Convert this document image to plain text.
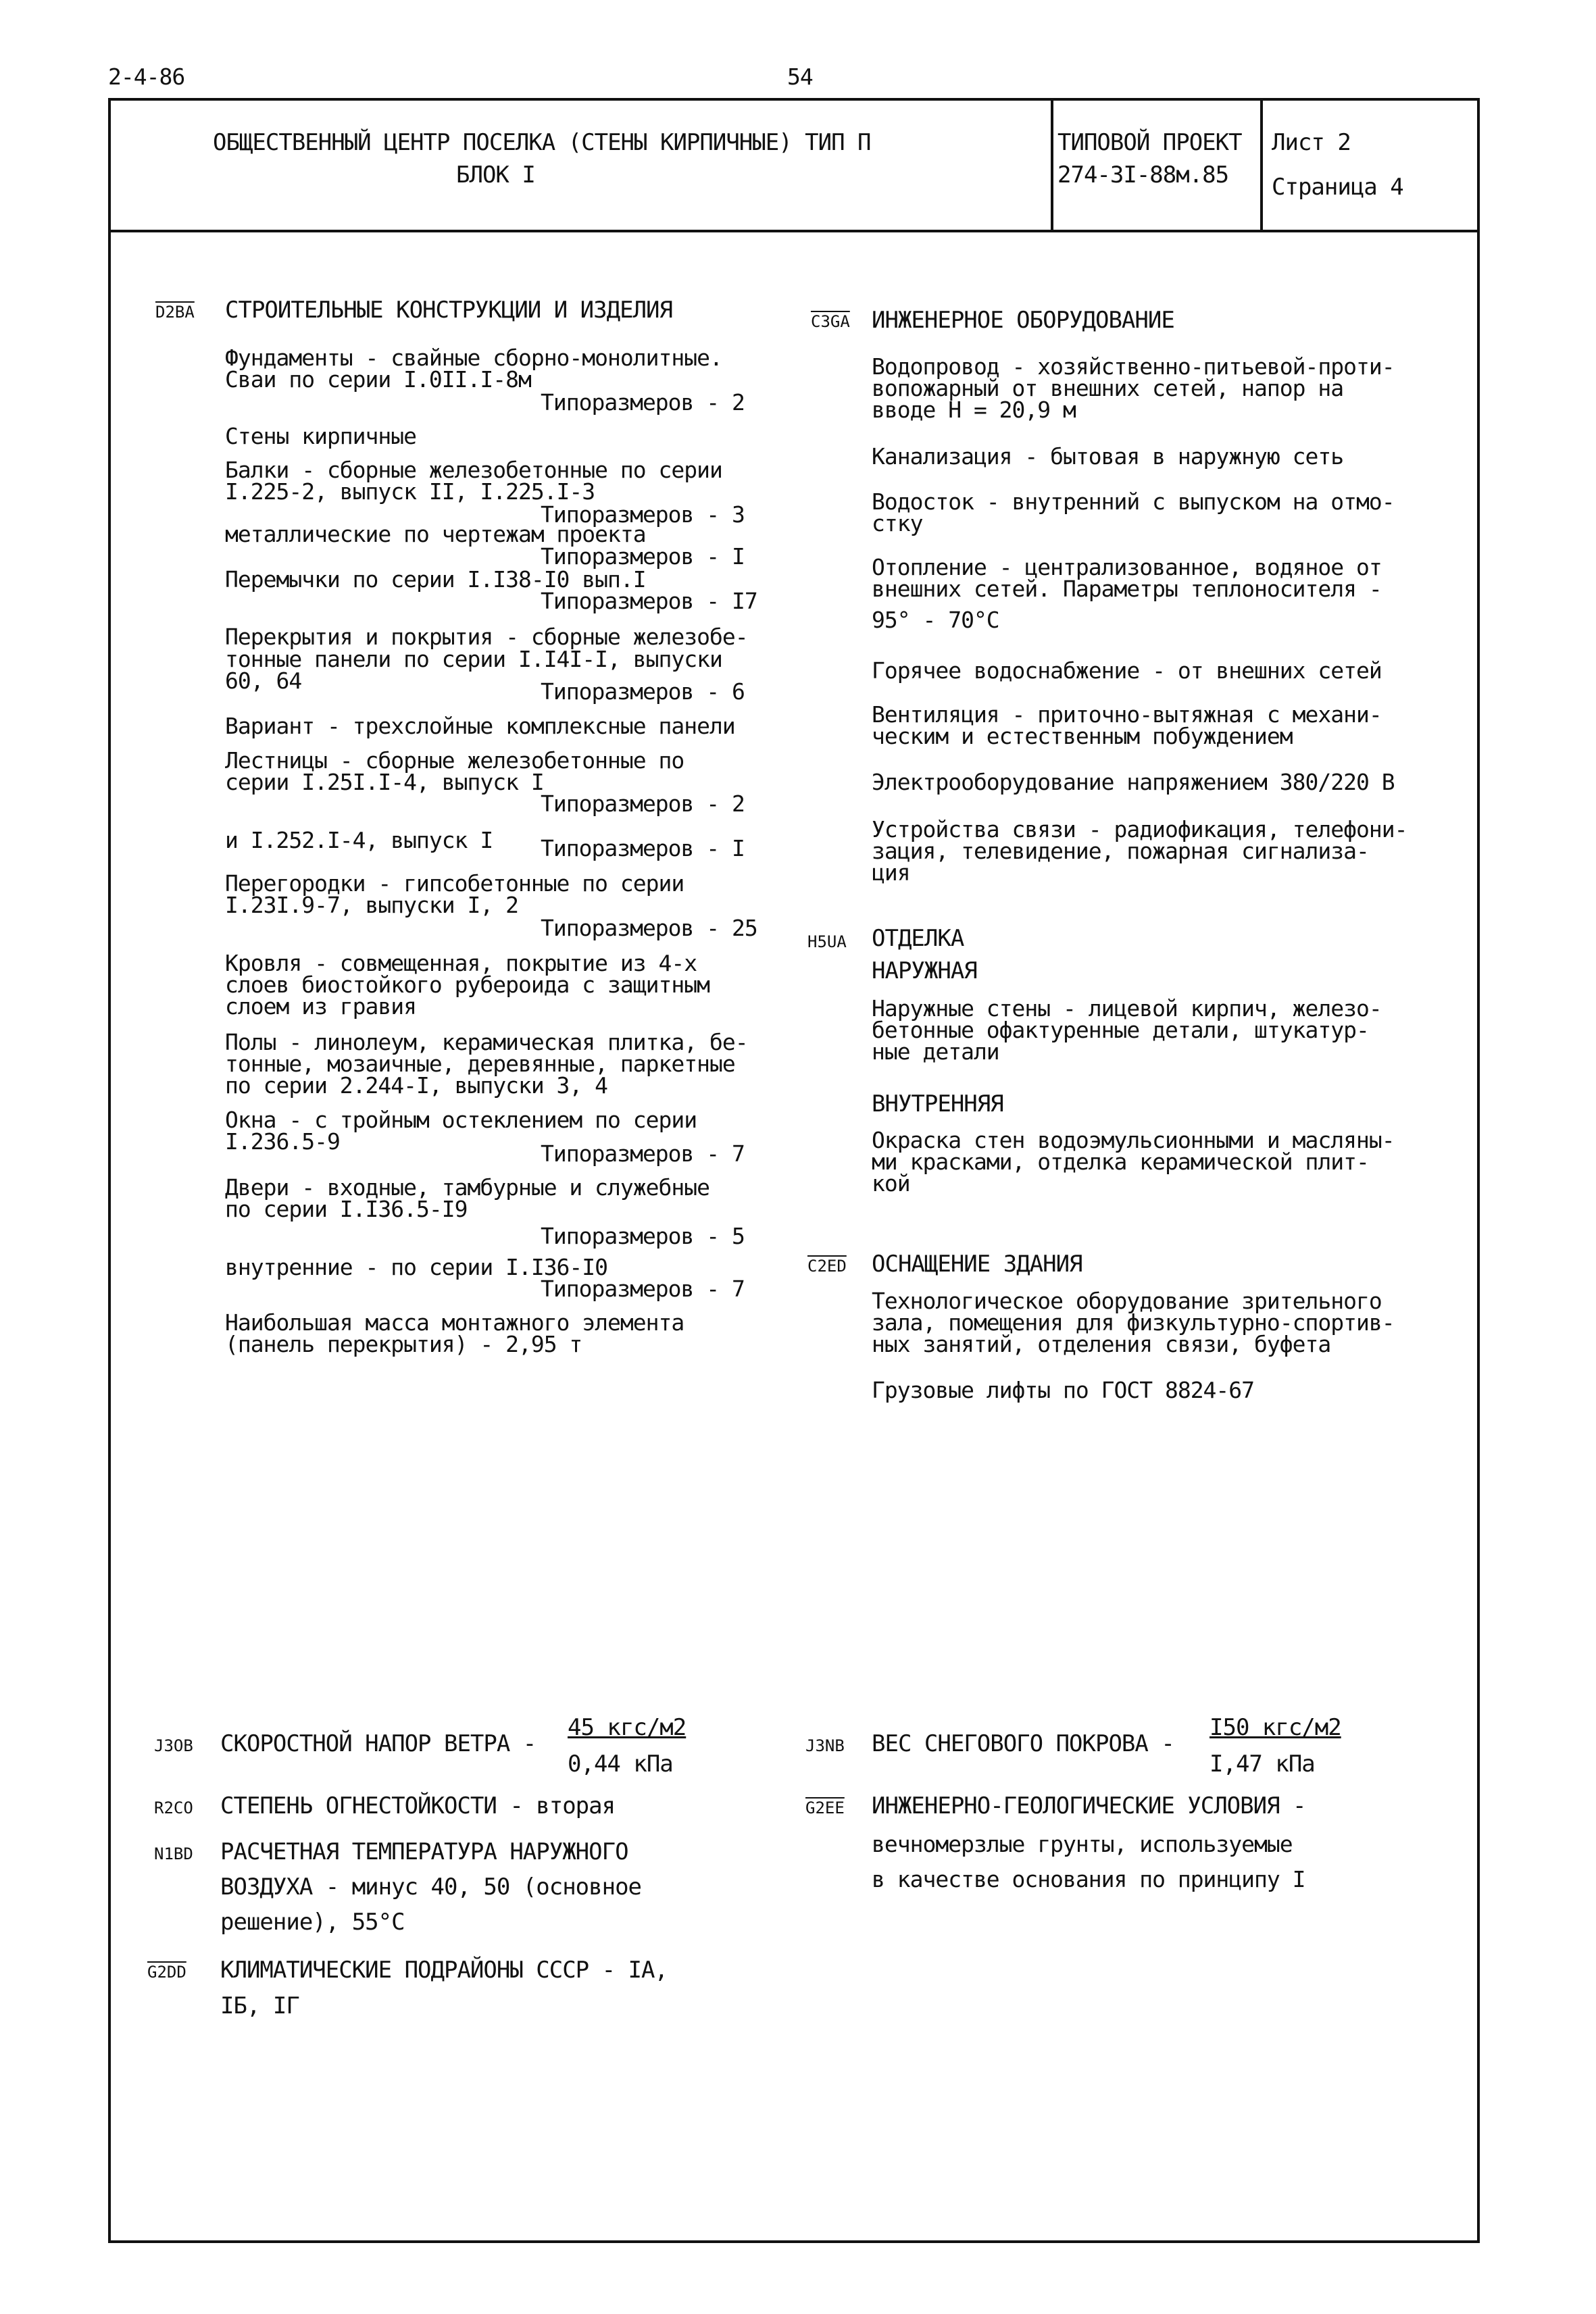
2-4-86	54
ОБЩЕСТВЕННЫЙ ЦЕНТР ПОСЕЛКА (СТЕНЫ КИРПИЧНЫЕ) ТИП П
БЛОК I
ТИПОВОЙ ПРОЕКТ
274-3I-88м.85
Лист 2
Страница 4
D2BA СТРОИТЕЛЬНЫЕ КОНСТРУКЦИИ И ИЗДЕЛИЯ
Фундаменты - свайные сборно-монолитные.
Сваи по серии I.0II.I-8м
Типоразмеров - 2
Стены кирпичные
Балки - сборные железобетонные по серии
I.225-2, выпуск II, I.225.I-3
Типоразмеров - 3
металлические по чертежам проекта
Типоразмеров - I
Перемычки по серии I.I38-I0 вып.I
Типоразмеров - I7
Перекрытия и покрытия - сборные железобе-
тонные панели по серии I.I4I-I, выпуски
60, 64	Типоразмеров - 6
Вариант - трехслойные комплексные панели
Лестницы - сборные железобетонные по
серии I.25I.I-4, выпуск I
Типоразмеров - 2
и I.252.I-4, выпуск I Типоразмеров - I
Перегородки - гипсобетонные по серии
I.23I.9-7, выпуски I, 2
Типоразмеров - 25
Кровля - совмещенная, покрытие из 4-х
слоев биостойкого рубероида с защитным
слоем из гравия
Полы - линолеум, керамическая плитка, бе-
тонные, мозаичные, деревянные, паркетные
по серии 2.244-I, выпуски 3, 4
Окна - с тройным остеклением по серии
I.236.5-9	Типоразмеров - 7
Двери - входные, тамбурные и служебные
по серии I.I36.5-I9
Типоразмеров - 5
внутренние - по серии I.I36-I0
Типоразмеров - 7
Наибольшая масса монтажного элемента
(панель перекрытия) - 2,95 т
C3GA ИНЖЕНЕРНОЕ ОБОРУДОВАНИЕ
Водопровод - хозяйственно-питьевой-проти-
вопожарный от внешних сетей, напор на
вводе Н = 20,9 м
Канализация - бытовая в наружную сеть
Водосток - внутренний с выпуском на отмо-
стку
Отопление - централизованное, водяное от
внешних сетей. Параметры теплоносителя -
95° - 70°С
Горячее водоснабжение - от внешних сетей
Вентиляция - приточно-вытяжная с механи-
ческим и естественным побуждением
Электрооборудование напряжением 380/220 В
Устройства связи - радиофикация, телефони-
зация, телевидение, пожарная сигнализа-
ция
H5UA ОТДЕЛКА
НАРУЖНАЯ
Наружные стены - лицевой кирпич, железо-
бетонные офактуренные детали, штукатур-
ные детали
ВНУТРЕННЯЯ
Окраска стен водоэмульсионными и масляны-
ми красками, отделка керамической плит-
кой
C2ED ОСНАЩЕНИЕ ЗДАНИЯ
Технологическое оборудование зрительного
зала, помещения для физкультурно-спортив-
ных занятий, отделения связи, буфета
Грузовые лифты по ГОСТ 8824-67
J3OB СКОРОСТНОЙ НАПОР ВЕТРА -
45 кгс/м2
0,44 кПа
J3NB ВЕС СНЕГОВОГО ПОКРОВА -
I50 кгс/м2
I,47 кПа
R2CO СТЕПЕНЬ ОГНЕСТОЙКОСТИ - вторая	G2EE ИНЖЕНЕРНО-ГЕОЛОГИЧЕСКИЕ УСЛОВИЯ -
вечномерзлые грунты, используемые
в качестве основания по принципу I
N1BD РАСЧЕТНАЯ ТЕМПЕРАТУРА НАРУЖНОГО
ВОЗДУХА - минус 40, 50 (основное
решение), 55°С
G2DD КЛИМАТИЧЕСКИЕ ПОДРАЙОНЫ СССР - IА,
IБ, IГ
